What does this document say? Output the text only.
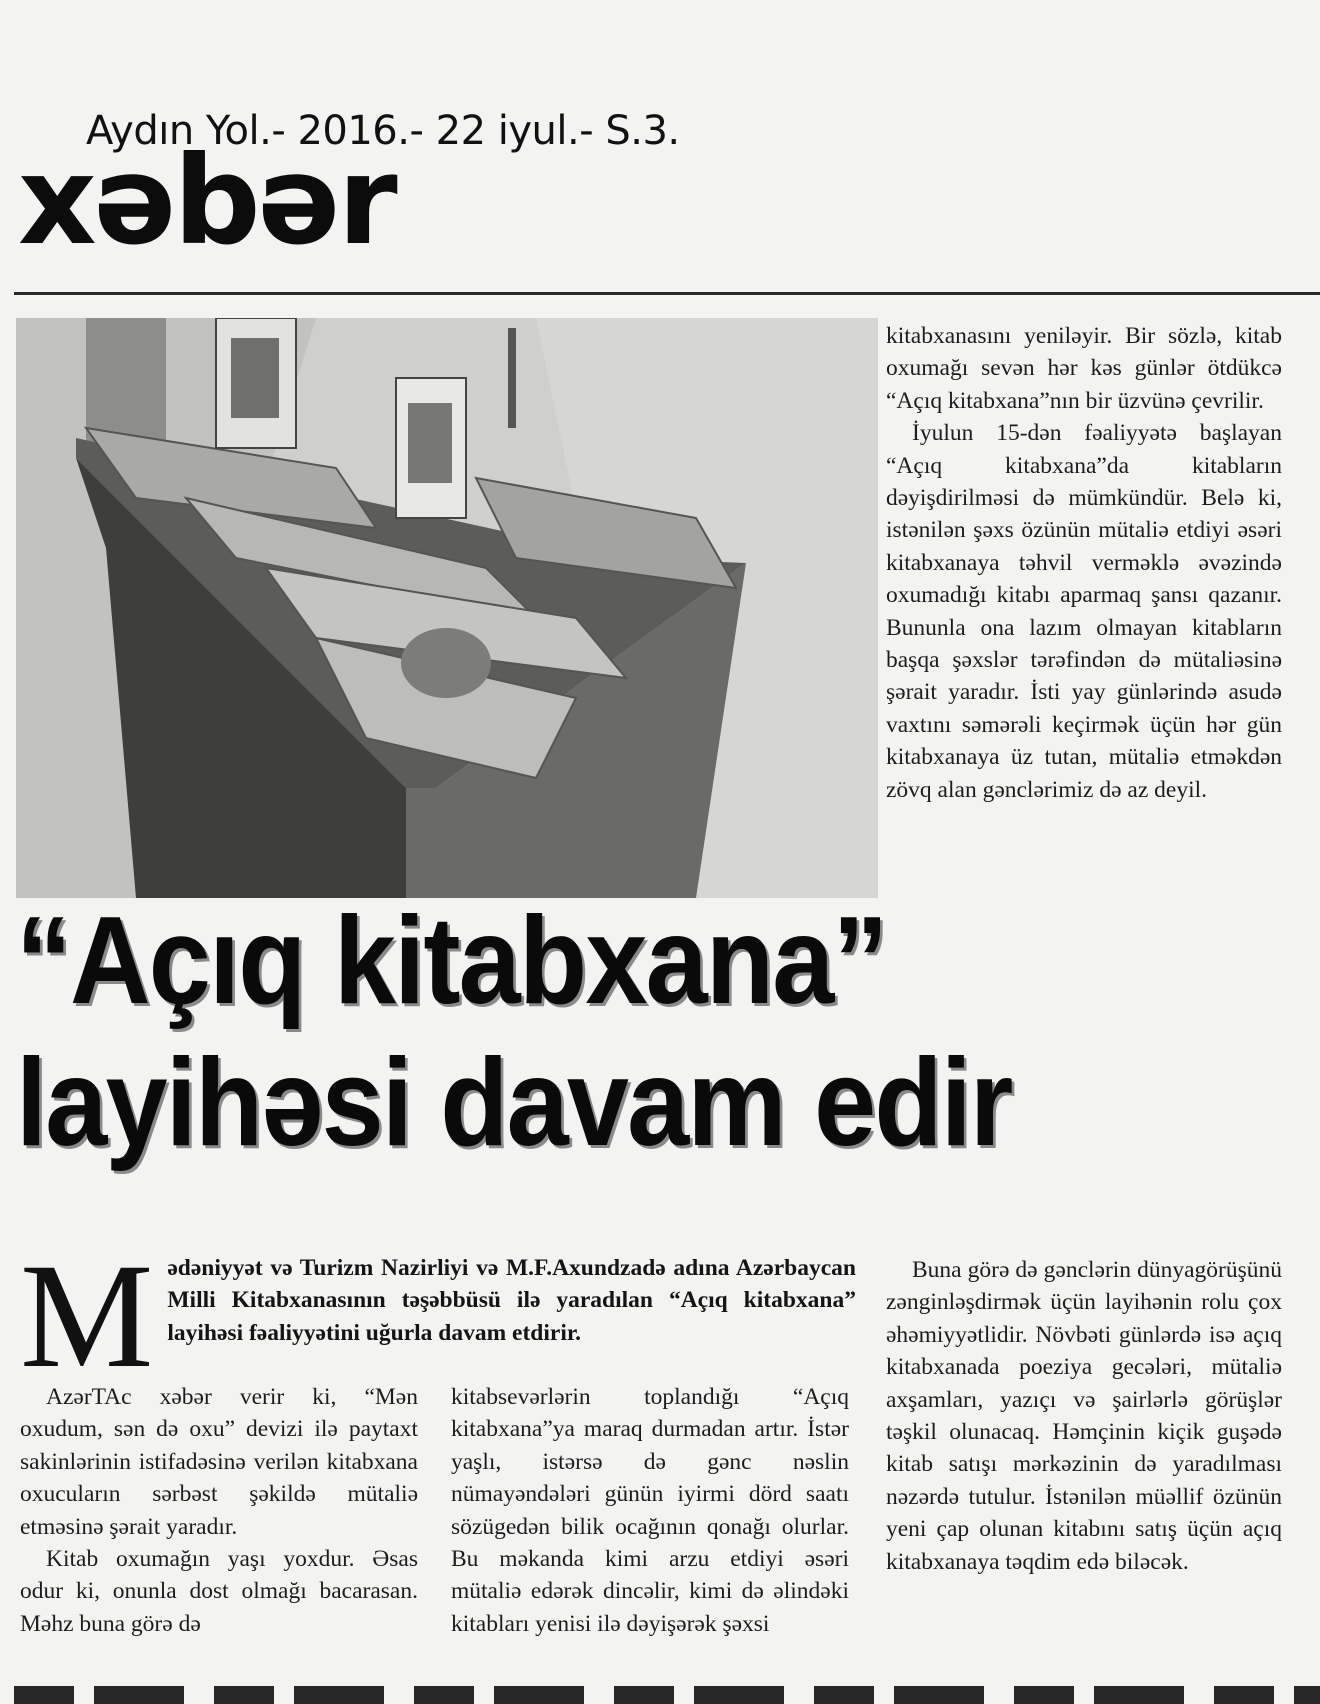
Aydın Yol.- 2016.- 22 iyul.- S.3.
xəbər

kitabxanasını yeniləyir. Bir sözlə, kitab oxumağı sevən hər kəs günlər ötdükcə “Açıq kitabxana”nın bir üzvünə çevrilir.

İyulun 15-dən fəaliyyətə başlayan “Açıq kitabxana”da kitabların dəyişdirilməsi də mümkündür. Belə ki, istənilən şəxs özünün mütaliə etdiyi əsəri kitabxanaya təhvil verməklə əvəzində oxumadığı kitabı aparmaq şansı qazanır. Bununla ona lazım olmayan kitabların başqa şəxslər tərəfindən də mütaliəsinə şərait yaradır. İsti yay günlərində asudə vaxtını səmərəli keçirmək üçün hər gün kitabxanaya üz tutan, mütaliə etməkdən zövq alan gənclərimiz də az deyil.

“Açıq kitabxana”
layihəsi davam edir
M ədəniyyət və Turizm Nazirliyi və M.F.Axundzadə adına Azərbaycan Milli Kitabxanasının təşəbbüsü ilə yaradılan “Açıq kitabxana” layihəsi fəaliyyətini uğurla davam etdirir.

AzərTAc xəbər verir ki, “Mən oxudum, sən də oxu” devizi ilə paytaxt sakinlərinin istifadəsinə verilən kitabxana oxucuların sərbəst şəkildə mütaliə etməsinə şərait yaradır.

Kitab oxumağın yaşı yoxdur. Əsas odur ki, onunla dost olmağı bacarasan. Məhz buna görə də

kitabsevərlərin toplandığı “Açıq kitabxana”ya maraq durmadan artır. İstər yaşlı, istərsə də gənc nəslin nümayəndələri günün iyirmi dörd saatı sözügedən bilik ocağının qonağı olurlar. Bu məkanda kimi arzu etdiyi əsəri mütaliə edərək dincəlir, kimi də əlindəki kitabları yenisi ilə dəyişərək şəxsi

Buna görə də gənclərin dünyagörüşünü zənginləşdirmək üçün layihənin rolu çox əhəmiyyətlidir. Növbəti günlərdə isə açıq kitabxanada poeziya gecələri, mütaliə axşamları, yazıçı və şairlərlə görüşlər təşkil olunacaq. Həmçinin kiçik guşədə kitab satışı mərkəzinin də yaradılması nəzərdə tutulur. İstənilən müəllif özünün yeni çap olunan kitabını satış üçün açıq kitabxanaya təqdim edə biləcək.
